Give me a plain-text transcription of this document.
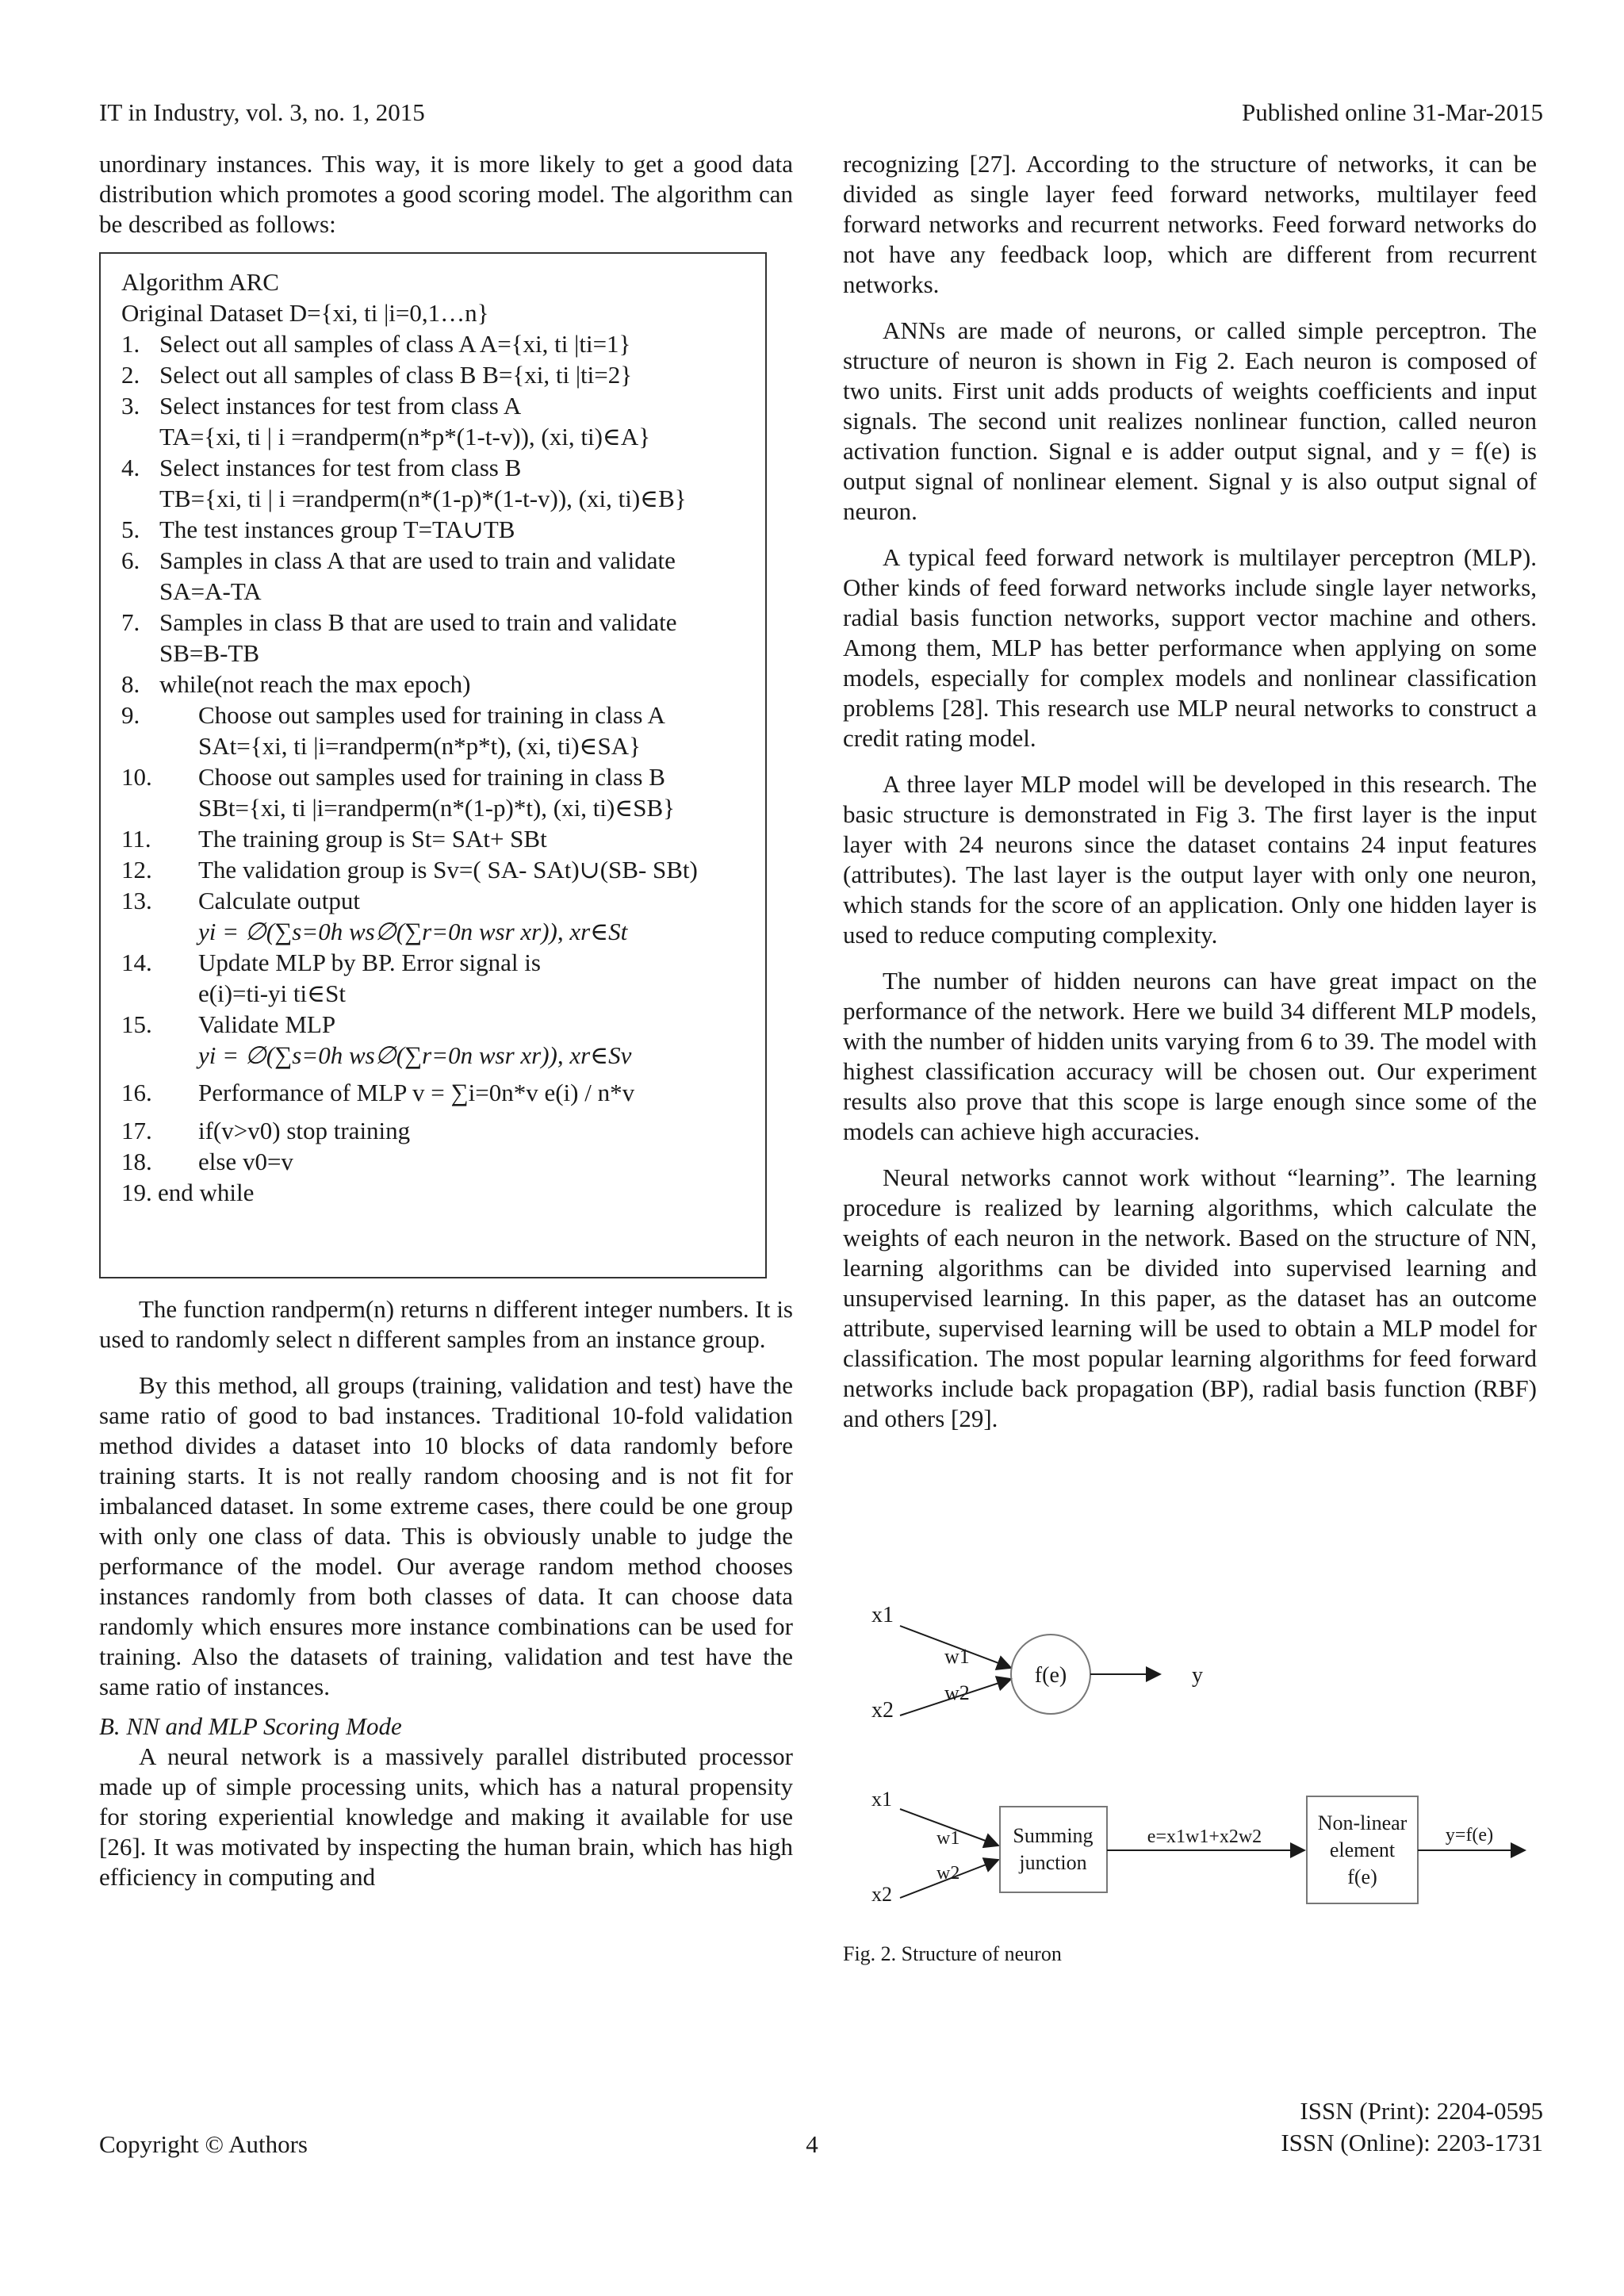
IT in Industry, vol. 3, no. 1, 2015	Published online 31-Mar-2015

unordinary instances. This way, it is more likely to get a good data distribution which promotes a good scoring model. The algorithm can be described as follows:

Algorithm ARC
Original Dataset D={xi, ti |i=0,1…n}
1. Select out all samples of class A A={xi, ti |ti=1}
2. Select out all samples of class B B={xi, ti |ti=2}
3. Select instances for test from class A
TA={xi, ti | i =randperm(n*p*(1-t-v)), (xi, ti)∈A}
4. Select instances for test from class B
TB={xi, ti | i =randperm(n*(1-p)*(1-t-v)), (xi, ti)∈B}
5. The test instances group T=TA∪TB
6. Samples in class A that are used to train and validate
SA=A-TA
7. Samples in class B that are used to train and validate
SB=B-TB
8. while(not reach the max epoch)
9. Choose out samples used for training in class A
SAt={xi, ti |i=randperm(n*p*t), (xi, ti)∈SA}
10. Choose out samples used for training in class B
SBt={xi, ti |i=randperm(n*(1-p)*t), (xi, ti)∈SB}
11. The training group is St= SAt+ SBt
12. The validation group is Sv=( SA- SAt)∪(SB- SBt)
13. Calculate output
yi = ∅(∑s=0h ws∅(∑r=0n wsr xr)), xr∈St
14. Update MLP by BP. Error signal is
e(i)=ti-yi ti∈St
15. Validate MLP
yi = ∅(∑s=0h ws∅(∑r=0n wsr xr)), xr∈Sv
16. Performance of MLP v = ∑i=0n*v e(i) / n*v
17. if(v>v0) stop training
18. else v0=v
19. end while

The function randperm(n) returns n different integer numbers. It is used to randomly select n different samples from an instance group.

By this method, all groups (training, validation and test) have the same ratio of good to bad instances. Traditional 10-fold validation method divides a dataset into 10 blocks of data randomly before training starts. It is not really random choosing and is not fit for imbalanced dataset. In some extreme cases, there could be one group with only one class of data. This is obviously unable to judge the performance of the model. Our average random method chooses instances randomly from both classes of data. It can choose data randomly which ensures more instance combinations can be used for training. Also the datasets of training, validation and test have the same ratio of instances.

B. NN and MLP Scoring Mode

A neural network is a massively parallel distributed processor made up of simple processing units, which has a natural propensity for storing experiential knowledge and making it available for use [26]. It was motivated by inspecting the human brain, which has high efficiency in computing and

recognizing [27]. According to the structure of networks, it can be divided as single layer feed forward networks, multilayer feed forward networks and recurrent networks. Feed forward networks do not have any feedback loop, which are different from recurrent networks.

ANNs are made of neurons, or called simple perceptron. The structure of neuron is shown in Fig 2. Each neuron is composed of two units. First unit adds products of weights coefficients and input signals. The second unit realizes nonlinear function, called neuron activation function. Signal e is adder output signal, and y = f(e) is output signal of nonlinear element. Signal y is also output signal of neuron.

A typical feed forward network is multilayer perceptron (MLP). Other kinds of feed forward networks include single layer networks, radial basis function networks, support vector machine and others. Among them, MLP has better performance when applying on some models, especially for complex models and nonlinear classification problems [28]. This research use MLP neural networks to construct a credit rating model.

A three layer MLP model will be developed in this research. The basic structure is demonstrated in Fig 3. The first layer is the input layer with 24 neurons since the dataset contains 24 input features (attributes). The last layer is the output layer with only one neuron, which stands for the score of an application. Only one hidden layer is used to reduce computing complexity.

The number of hidden neurons can have great impact on the performance of the network. Here we build 34 different MLP models, with the number of hidden units varying from 6 to 39. The model with highest classification accuracy will be chosen out. Our experiment results also prove that this scope is large enough since some of the models can achieve high accuracies.

Neural networks cannot work without “learning”. The learning procedure is realized by learning algorithms, which calculate the weights of each neuron in the network. Based on the structure of NN, learning algorithms can be divided into supervised learning and unsupervised learning. In this paper, as the dataset has an outcome attribute, supervised learning will be used to obtain a MLP model for classification. The most popular learning algorithms for feed forward networks include back propagation (BP), radial basis function (RBF) and others [29].

x1
x2
w1
w2
f(e)	y
x1
x2
w1
w2
Summing
junction
e=x1w1+x2w2
Non-linear
element
f(e)
y=f(e)
Fig. 2. Structure of neuron
ISSN (Print): 2204-0595
ISSN (Online): 2203-1731
Copyright © Authors	4
